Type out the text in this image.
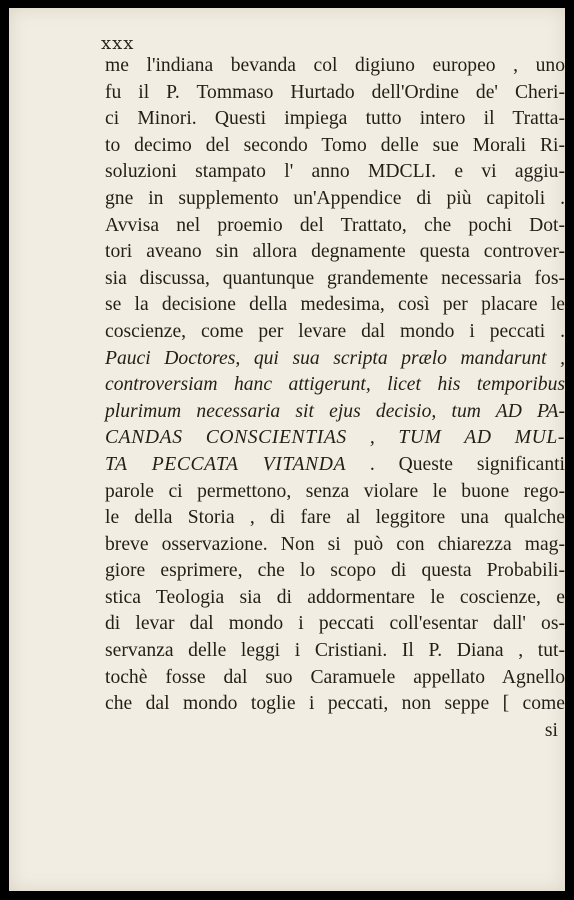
xxx
me l'indiana bevanda col digiuno europeo , uno
fu il P. Tommaso Hurtado dell'Ordine de' Cheri-
ci Minori. Questi impiega tutto intero il Tratta-
to decimo del secondo Tomo delle sue Morali Ri-
soluzioni stampato l' anno MDCLI. e vi aggiu-
gne in supplemento un'Appendice di più capitoli .
Avvisa nel proemio del Trattato, che pochi Dot-
tori aveano sin allora degnamente questa controver-
sia discussa, quantunque grandemente necessaria fos-
se la decisione della medesima, così per placare le
coscienze, come per levare dal mondo i peccati .
Pauci Doctores, qui sua scripta prælo mandarunt ,
controversiam hanc attigerunt, licet his temporibus
plurimum necessaria sit ejus decisio, tum AD PA-
CANDAS CONSCIENTIAS , TUM AD MUL-
TA PECCATA VITANDA . Queste significanti
parole ci permettono, senza violare le buone rego-
le della Storia , di fare al leggitore una qualche
breve osservazione. Non si può con chiarezza mag-
giore esprimere, che lo scopo di questa Probabili-
stica Teologia sia di addormentare le coscienze, e
di levar dal mondo i peccati coll'esentar dall' os-
servanza delle leggi i Cristiani. Il P. Diana , tut-
tochè fosse dal suo Caramuele appellato Agnello
che dal mondo toglie i peccati, non seppe [ come
si
